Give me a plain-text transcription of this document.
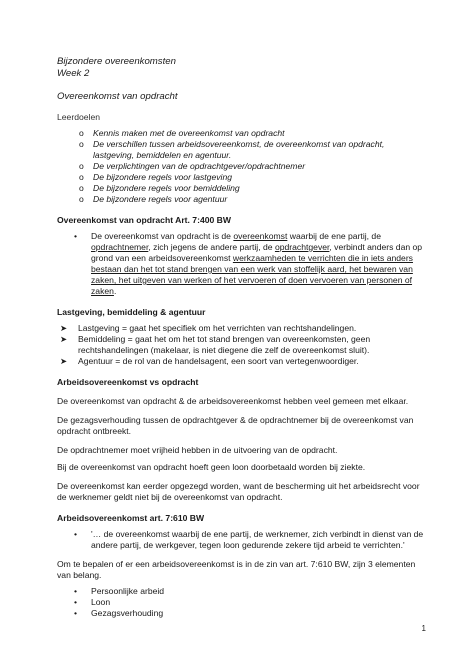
Bijzondere overeenkomsten
Week 2
Overeenkomst van opdracht
Leerdoelen
o Kennis maken met de overeenkomst van opdracht
o De verschillen tussen arbeidsovereenkomst, de overeenkomst van opdracht, lastgeving, bemiddelen en agentuur.
o De verplichtingen van de opdrachtgever/opdrachtnemer
o De bijzondere regels voor lastgeving
o De bijzondere regels voor bemiddeling
o De bijzondere regels voor agentuur
Overeenkomst van opdracht Art. 7:400 BW
• De overeenkomst van opdracht is de overeenkomst waarbij de ene partij, de opdrachtnemer, zich jegens de andere partij, de opdrachtgever, verbindt anders dan op grond van een arbeidsovereenkomst werkzaamheden te verrichten die in iets anders bestaan dan het tot stand brengen van een werk van stoffelijk aard, het bewaren van zaken, het uitgeven van werken of het vervoeren of doen vervoeren van personen of zaken.
Lastgeving, bemiddeling & agentuur
➤ Lastgeving = gaat het specifiek om het verrichten van rechtshandelingen.
➤ Bemiddeling = gaat het om het tot stand brengen van overeenkomsten, geen rechtshandelingen (makelaar, is niet diegene die zelf de overeenkomst sluit).
➤ Agentuur = de rol van de handelsagent, een soort van vertegenwoordiger.
Arbeidsovereenkomst vs opdracht

De overeenkomst van opdracht & de arbeidsovereenkomst hebben veel gemeen met elkaar.

De gezagsverhouding tussen de opdrachtgever & de opdrachtnemer bij de overeenkomst van opdracht ontbreekt.

De opdrachtnemer moet vrijheid hebben in de uitvoering van de opdracht.

Bij de overeenkomst van opdracht hoeft geen loon doorbetaald worden bij ziekte.

De overeenkomst kan eerder opgezegd worden, want de bescherming uit het arbeidsrecht voor de werknemer geldt niet bij de overeenkomst van opdracht.

Arbeidsovereenkomst art. 7:610 BW
• '… de overeenkomst waarbij de ene partij, de werknemer, zich verbindt in dienst van de andere partij, de werkgever, tegen loon gedurende zekere tijd arbeid te verrichten.'

Om te bepalen of er een arbeidsovereenkomst is in de zin van art. 7:610 BW, zijn 3 elementen van belang.

• Persoonlijke arbeid
• Loon
• Gezagsverhouding
1
